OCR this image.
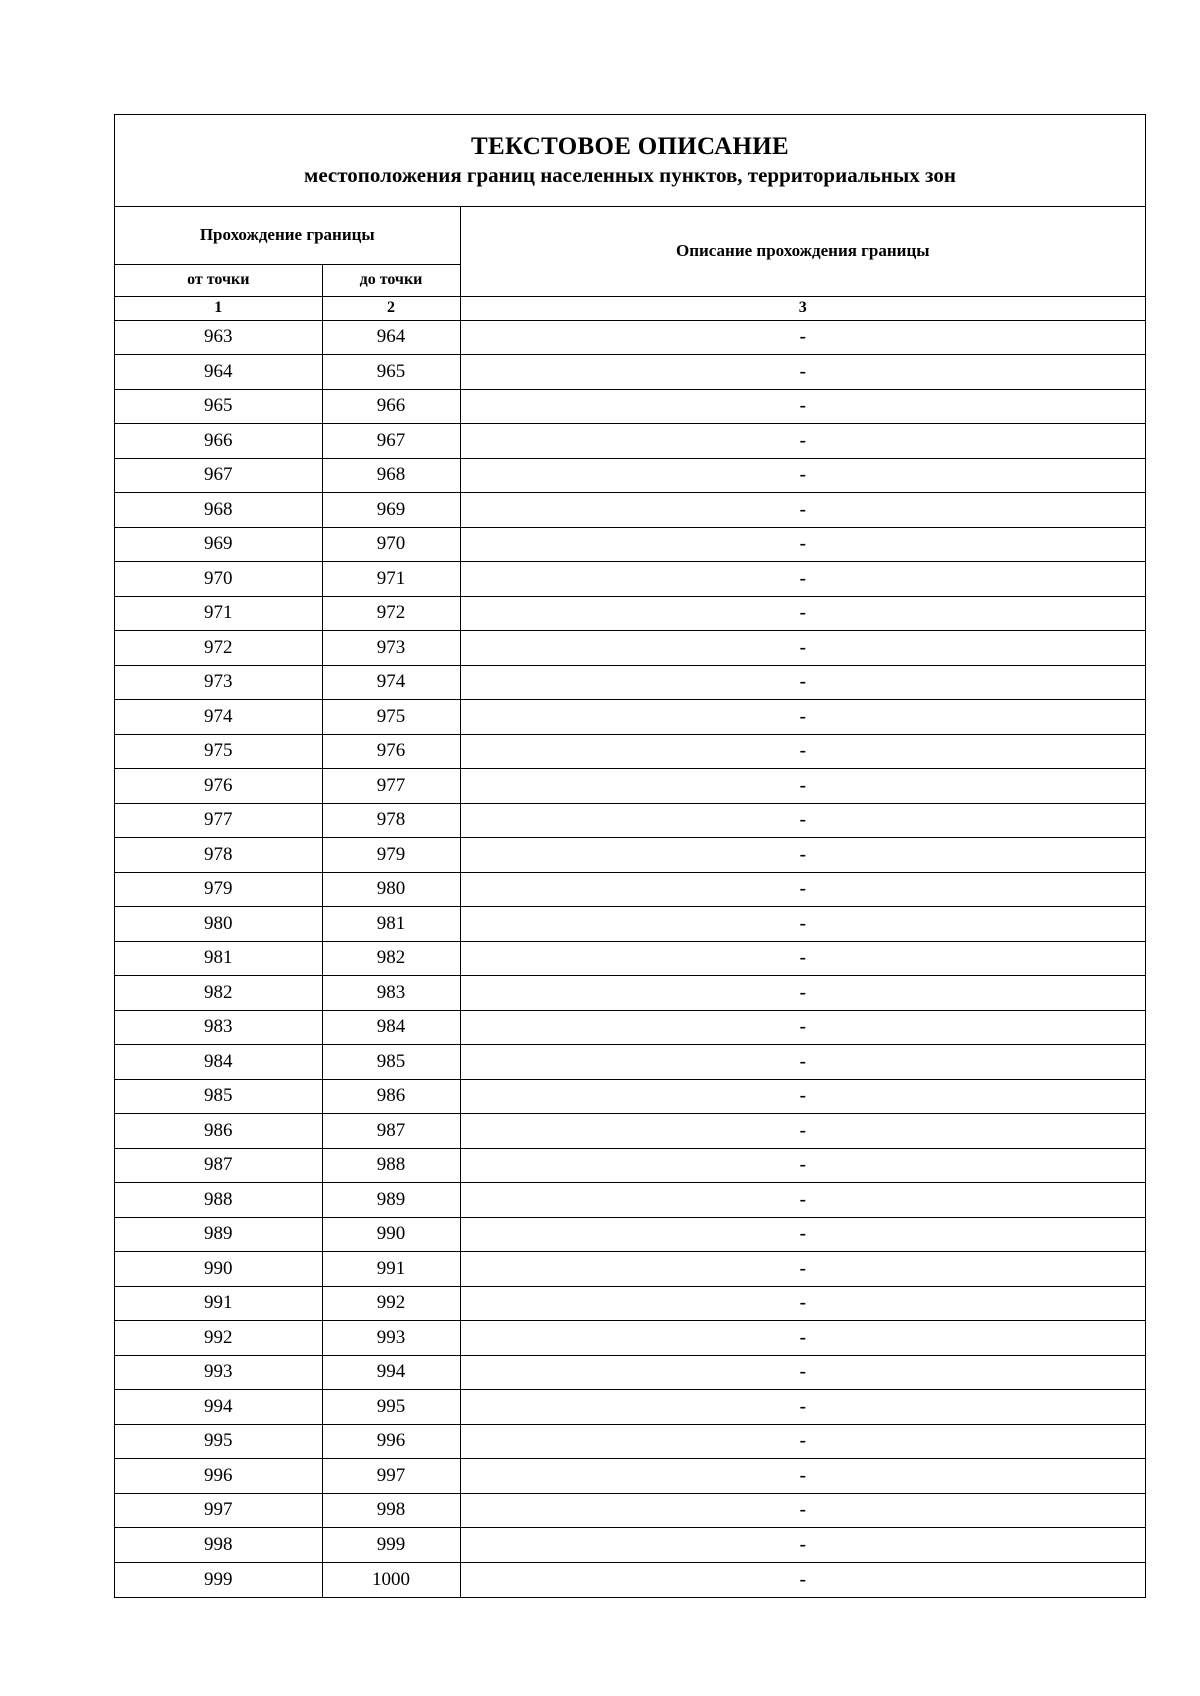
ТЕКСТОВОЕ ОПИСАНИЕ
местоположения границ населенных пунктов, территориальных зон
Прохождение границы		Описание прохождения границы
от точки	до точки	
1	2	3
963	964	-
964	965	-
965	966	-
966	967	-
967	968	-
968	969	-
969	970	-
970	971	-
971	972	-
972	973	-
973	974	-
974	975	-
975	976	-
976	977	-
977	978	-
978	979	-
979	980	-
980	981	-
981	982	-
982	983	-
983	984	-
984	985	-
985	986	-
986	987	-
987	988	-
988	989	-
989	990	-
990	991	-
991	992	-
992	993	-
993	994	-
994	995	-
995	996	-
996	997	-
997	998	-
998	999	-
999	1000	-
